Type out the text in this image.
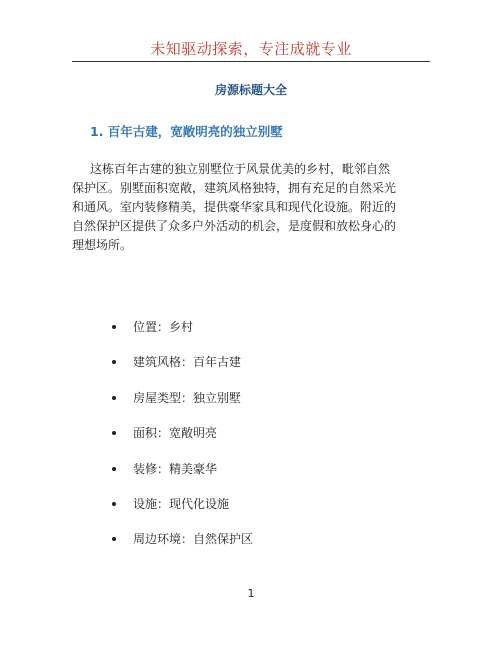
未知驱动探索，专注成就专业
房源标题大全
1. 百年古建，宽敞明亮的独立别墅

这栋百年古建的独立别墅位于风景优美的乡村，毗邻自然
保护区。别墅面积宽敞，建筑风格独特，拥有充足的自然采光
和通风。室内装修精美，提供豪华家具和现代化设施。附近的
自然保护区提供了众多户外活动的机会，是度假和放松身心的
理想场所。

位置：乡村
建筑风格：百年古建
房屋类型：独立别墅
面积：宽敞明亮
装修：精美豪华
设施：现代化设施
周边环境：自然保护区
1
